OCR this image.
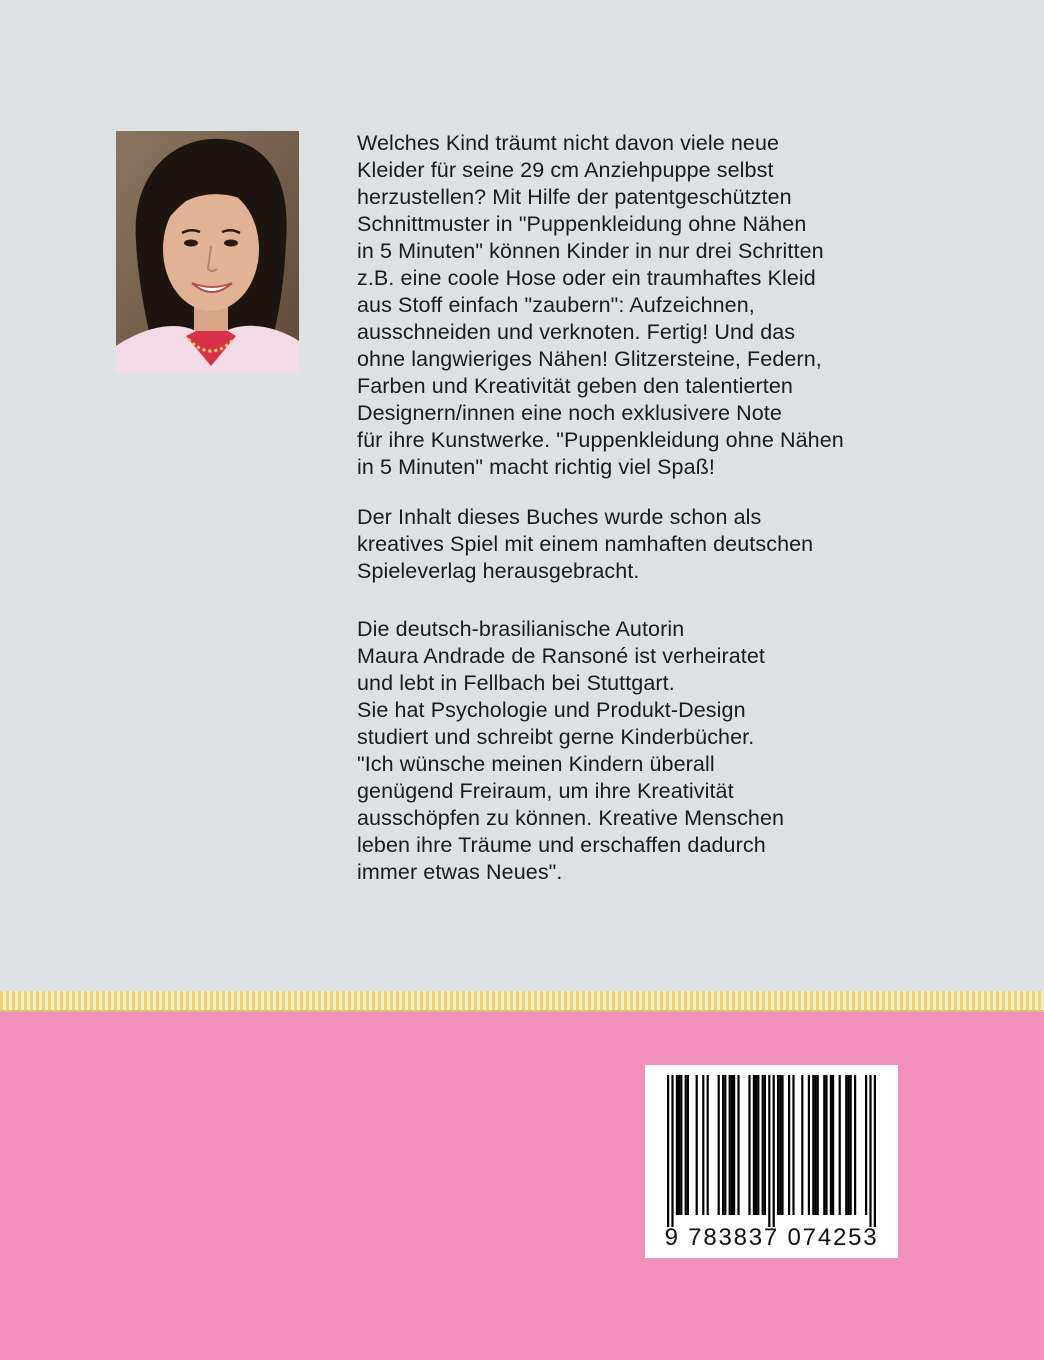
Welches Kind träumt nicht davon viele neue

Kleider für seine 29 cm Anziehpuppe selbst

herzustellen? Mit Hilfe der patentgeschützten

Schnittmuster in "Puppenkleidung ohne Nähen

in 5 Minuten" können Kinder in nur drei Schritten

z.B. eine coole Hose oder ein traumhaftes Kleid

aus Stoff einfach "zaubern": Aufzeichnen,

ausschneiden und verknoten. Fertig! Und das

ohne langwieriges Nähen! Glitzersteine, Federn,

Farben und Kreativität geben den talentierten

Designern/innen eine noch exklusivere Note

für ihre Kunstwerke. "Puppenkleidung ohne Nähen

in 5 Minuten" macht richtig viel Spaß!

Der Inhalt dieses Buches wurde schon als

kreatives Spiel mit einem namhaften deutschen

Spieleverlag herausgebracht.

Die deutsch-brasilianische Autorin

Maura Andrade de Ransoné ist verheiratet

und lebt in Fellbach bei Stuttgart.

Sie hat Psychologie und Produkt-Design

studiert und schreibt gerne Kinderbücher.

"Ich wünsche meinen Kindern überall

genügend Freiraum, um ihre Kreativität

ausschöpfen zu können. Kreative Menschen

leben ihre Träume und erschaffen dadurch

immer etwas Neues".

9 783837 074253
